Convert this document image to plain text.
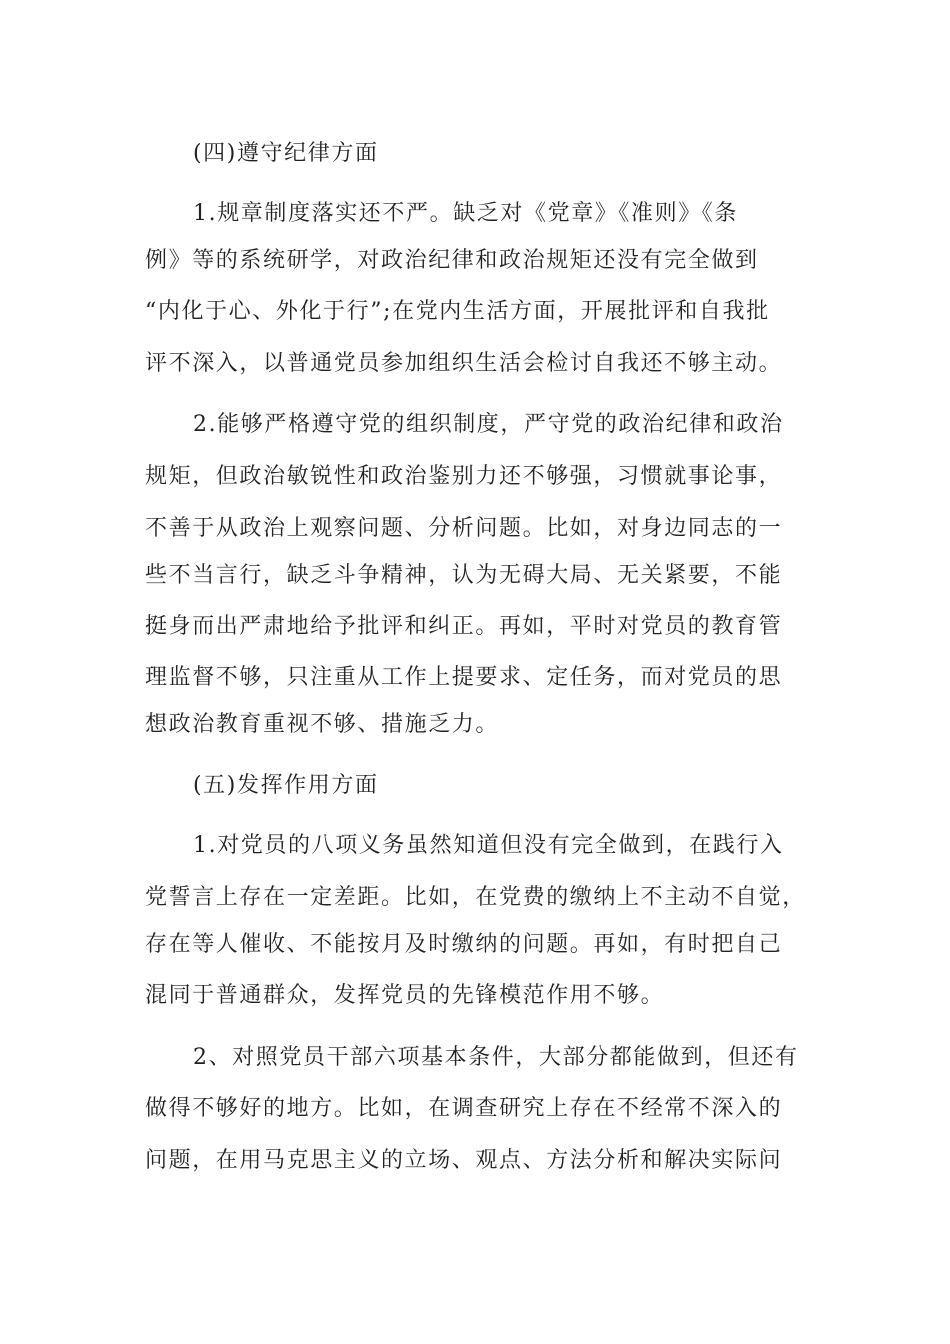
(四)遵守纪律方面
1.规章制度落实还不严。缺乏对《党章》《准则》《条
例》等的系统研学，对政治纪律和政治规矩还没有完全做到
“内化于心、外化于行”;在党内生活方面，开展批评和自我批
评不深入，以普通党员参加组织生活会检讨自我还不够主动。
2.能够严格遵守党的组织制度，严守党的政治纪律和政治
规矩，但政治敏锐性和政治鉴别力还不够强，习惯就事论事，
不善于从政治上观察问题、分析问题。比如，对身边同志的一
些不当言行，缺乏斗争精神，认为无碍大局、无关紧要，不能
挺身而出严肃地给予批评和纠正。再如，平时对党员的教育管
理监督不够，只注重从工作上提要求、定任务，而对党员的思
想政治教育重视不够、措施乏力。
(五)发挥作用方面
1.对党员的八项义务虽然知道但没有完全做到，在践行入
党誓言上存在一定差距。比如，在党费的缴纳上不主动不自觉，
存在等人催收、不能按月及时缴纳的问题。再如，有时把自己
混同于普通群众，发挥党员的先锋模范作用不够。
2、对照党员干部六项基本条件，大部分都能做到，但还有
做得不够好的地方。比如，在调查研究上存在不经常不深入的
问题，在用马克思主义的立场、观点、方法分析和解决实际问
